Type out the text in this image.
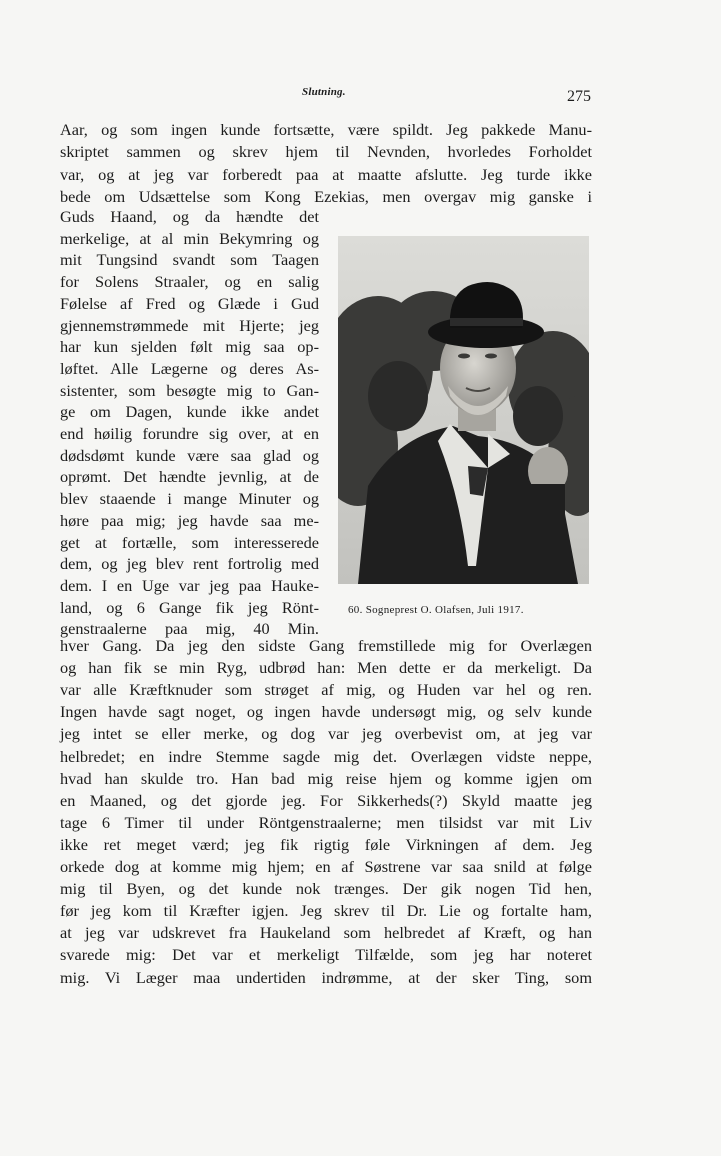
Slutning.	275
Aar, og som ingen kunde fortsætte, være spildt. Jeg pakkede Manu-
skriptet sammen og skrev hjem til Nevnden, hvorledes Forholdet
var, og at jeg var forberedt paa at maatte afslutte. Jeg turde ikke
bede om Udsættelse som Kong Ezekias, men overgav mig ganske i
Guds Haand, og da hændte det
merkelige, at al min Bekymring og
mit Tungsind svandt som Taagen
for Solens Straaler, og en salig
Følelse af Fred og Glæde i Gud
gjennemstrømmede mit Hjerte; jeg
har kun sjelden følt mig saa op-
løftet. Alle Lægerne og deres As-
sistenter, som besøgte mig to Gan-
ge om Dagen, kunde ikke andet
end høilig forundre sig over, at en
dødsdømt kunde være saa glad og
oprømt. Det hændte jevnlig, at de
blev staaende i mange Minuter og
høre paa mig; jeg havde saa me-
get at fortælle, som interesserede
dem, og jeg blev rent fortrolig med
dem. I en Uge var jeg paa Hauke-
land, og 6 Gange fik jeg Rönt-
genstraalerne paa mig, 40 Min.
hver Gang. Da jeg den sidste Gang fremstillede mig for Overlægen
og han fik se min Ryg, udbrød han: Men dette er da merkeligt. Da
var alle Kræftknuder som strøget af mig, og Huden var hel og ren.
Ingen havde sagt noget, og ingen havde undersøgt mig, og selv kunde
jeg intet se eller merke, og dog var jeg overbevist om, at jeg var
helbredet; en indre Stemme sagde mig det. Overlægen vidste neppe,
hvad han skulde tro. Han bad mig reise hjem og komme igjen om
en Maaned, og det gjorde jeg. For Sikkerheds(?) Skyld maatte jeg
tage 6 Timer til under Röntgenstraalerne; men tilsidst var mit Liv
ikke ret meget værd; jeg fik rigtig føle Virkningen af dem. Jeg
orkede dog at komme mig hjem; en af Søstrene var saa snild at følge
mig til Byen, og det kunde nok trænges. Der gik nogen Tid hen,
før jeg kom til Kræfter igjen. Jeg skrev til Dr. Lie og fortalte ham,
at jeg var udskrevet fra Haukeland som helbredet af Kræft, og han
svarede mig: Det var et merkeligt Tilfælde, som jeg har noteret
mig. Vi Læger maa undertiden indrømme, at der sker Ting, som
60. Sogneprest O. Olafsen, Juli 1917.
